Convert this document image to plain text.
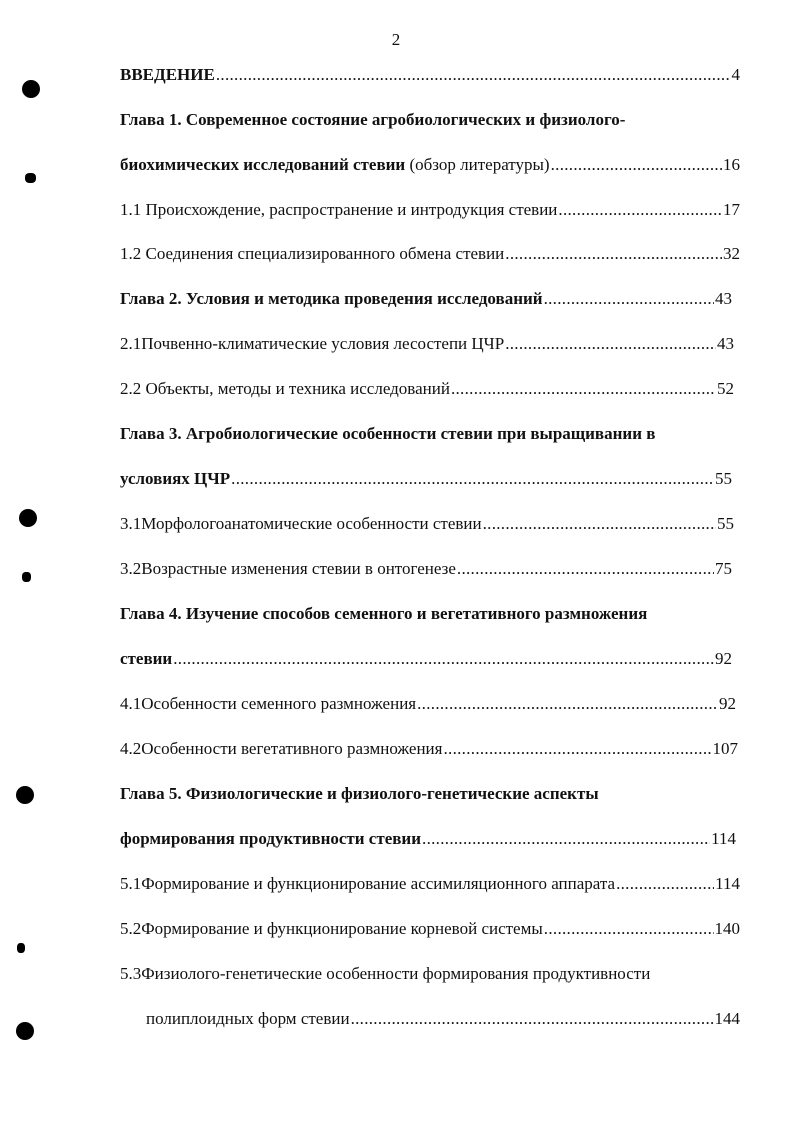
2
ВВЕДЕНИЕ .....	4
Глава 1. Современное состояние агробиологических и физиолого-
биохимических исследований стевии (обзор литературы) .....	16
1.1 Происхождение, распространение и интродукция стевии .....	17
1.2 Соединения специализированного обмена стевии .....	32
Глава 2. Условия и методика проведения исследований .....	43
2.1Почвенно-климатические условия лесостепи ЦЧР .....	43
2.2 Объекты, методы и техника исследований .....	52
Глава 3. Агробиологические особенности стевии при выращивании в
условиях ЦЧР .....	55
3.1Морфологоанатомические особенности стевии .....	55
3.2Возрастные изменения стевии в онтогенезе .....	75
Глава 4. Изучение способов семенного и вегетативного размножения
стевии .....	92
4.1Особенности семенного размножения .....	92
4.2Особенности вегетативного размножения .....	107
Глава 5. Физиологические и физиолого-генетические аспекты
формирования продуктивности стевии .....	114
5.1Формирование и функционирование ассимиляционного аппарата .....	114
5.2Формирование и функционирование корневой системы .....	140
5.3Физиолого-генетические особенности формирования продуктивности
полиплоидных форм стевии .....	144
